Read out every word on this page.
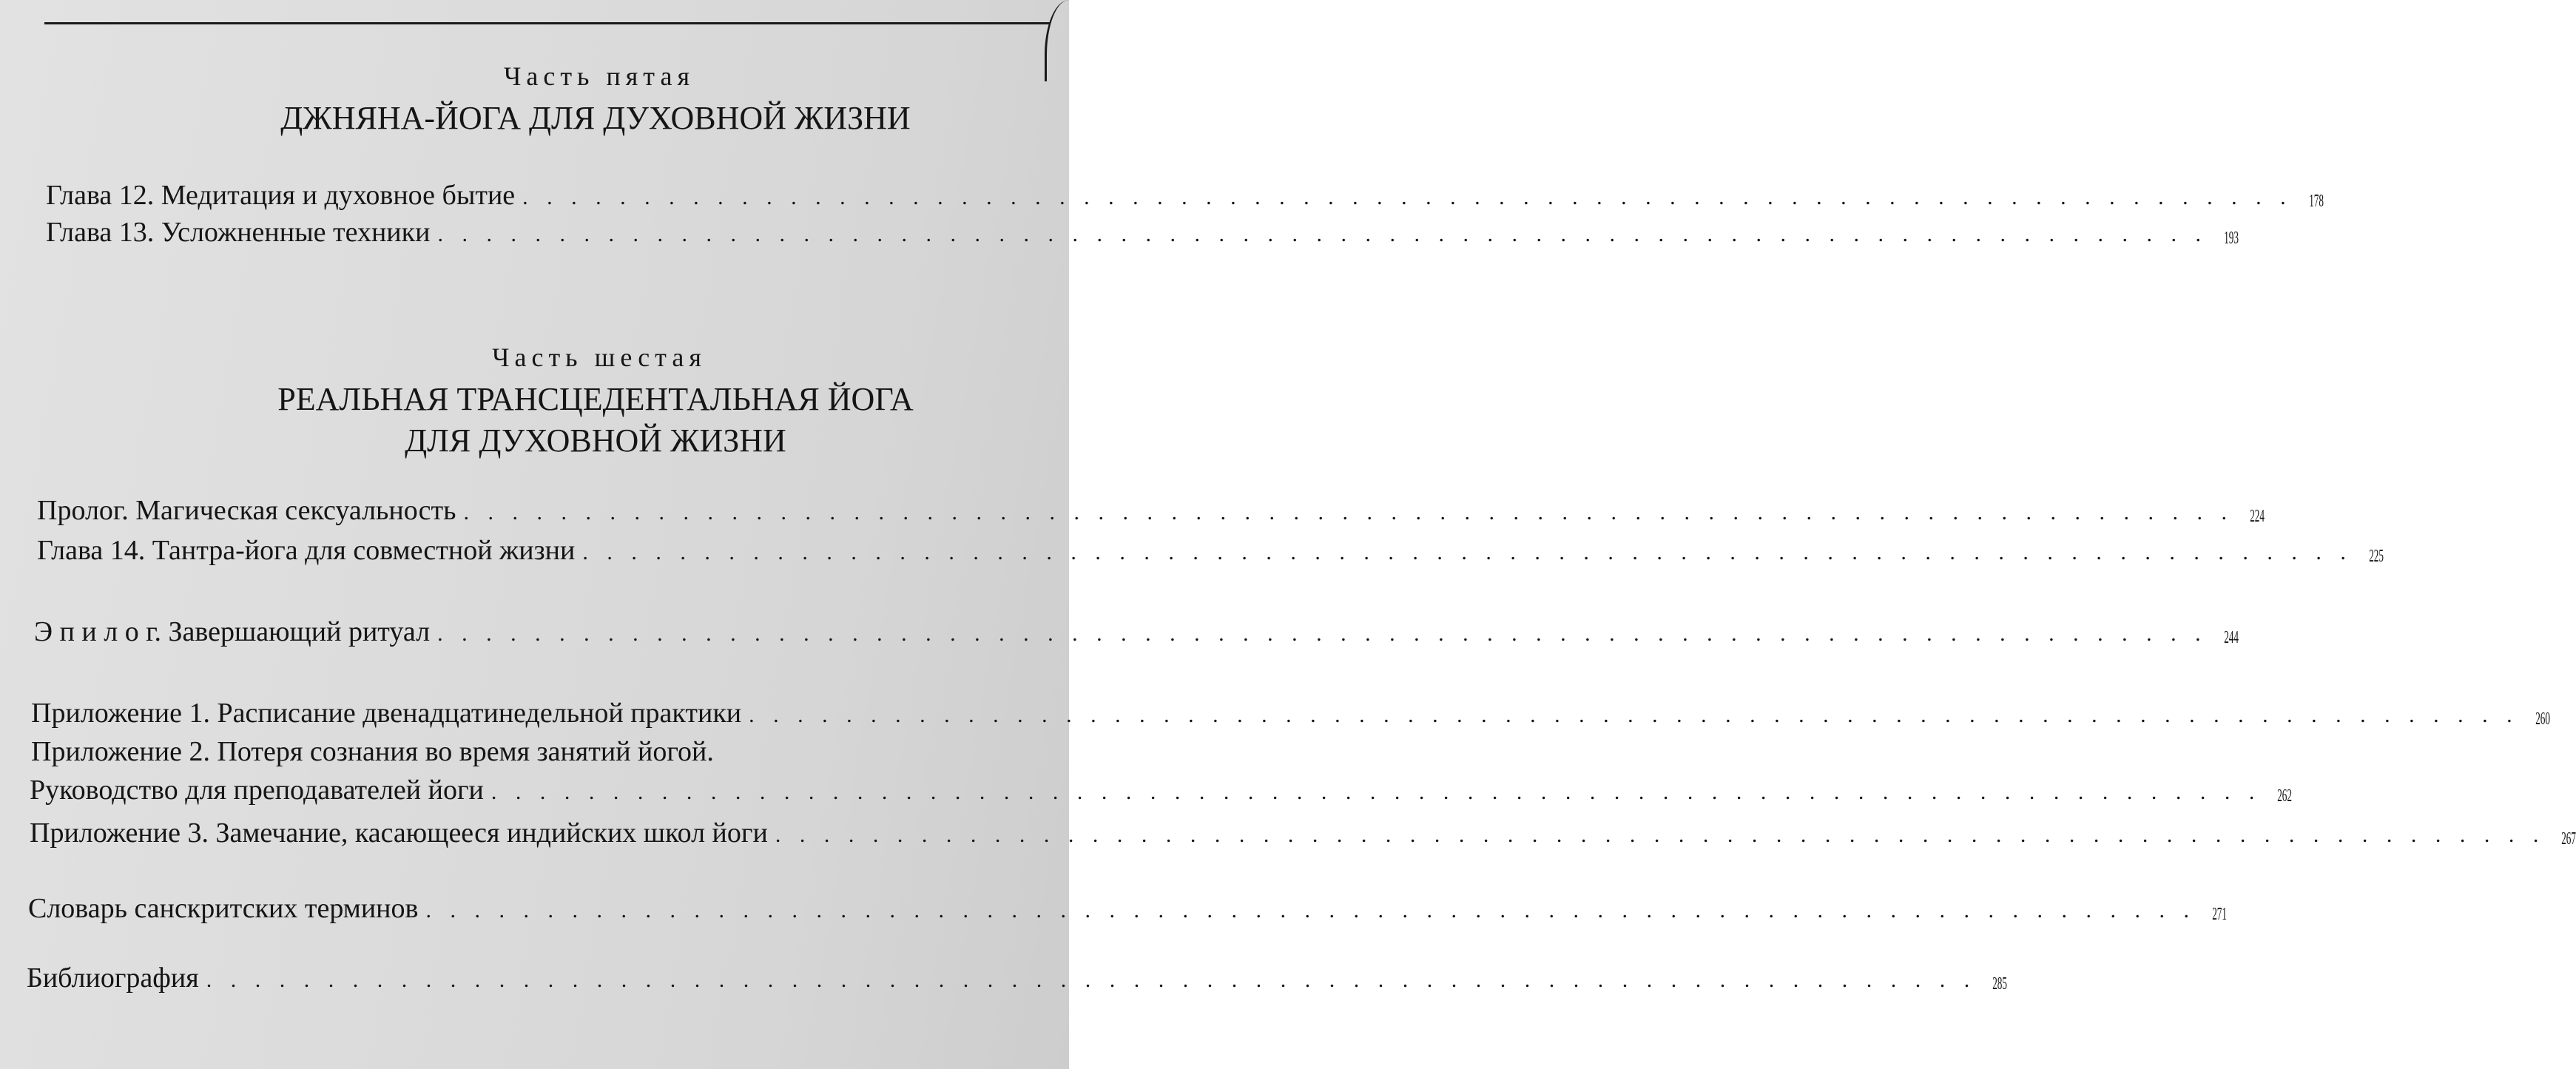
Часть пятая
ДЖНЯНА-ЙОГА ДЛЯ ДУХОВНОЙ ЖИЗНИ
Глава 12. Медитация и духовное бытие . . . . . . . . . . . . . . . . . . . . . . . . . . . . . . . . . . . . . . . . . . . . . . . . . . . . . . . . . . . . . . . . . . . . . . . . . 178
Глава 13. Усложненные техники . . . . . . . . . . . . . . . . . . . . . . . . . . . . . . . . . . . . . . . . . . . . . . . . . . . . . . . . . . . . . . . . . . . . . . . . . 193
Часть шестая
РЕАЛЬНАЯ ТРАНСЦЕДЕНТАЛЬНАЯ ЙОГА
ДЛЯ ДУХОВНОЙ ЖИЗНИ
Пролог. Магическая сексуальность . . . . . . . . . . . . . . . . . . . . . . . . . . . . . . . . . . . . . . . . . . . . . . . . . . . . . . . . . . . . . . . . . . . . . . . . . 224
Глава 14. Тантра-йога для совместной жизни . . . . . . . . . . . . . . . . . . . . . . . . . . . . . . . . . . . . . . . . . . . . . . . . . . . . . . . . . . . . . . . . . . . . . . . . . 225
Э п и л о г. Завершающий ритуал . . . . . . . . . . . . . . . . . . . . . . . . . . . . . . . . . . . . . . . . . . . . . . . . . . . . . . . . . . . . . . . . . . . . . . . . . 244
Приложение 1. Расписание двенадцатинедельной практики . . . . . . . . . . . . . . . . . . . . . . . . . . . . . . . . . . . . . . . . . . . . . . . . . . . . . . . . . . . . . . . . . . . . . . . . . 260
Приложение 2. Потеря сознания во время занятий йогой.
Руководство для преподавателей йоги . . . . . . . . . . . . . . . . . . . . . . . . . . . . . . . . . . . . . . . . . . . . . . . . . . . . . . . . . . . . . . . . . . . . . . . . . 262
Приложение 3. Замечание, касающееся индийских школ йоги . . . . . . . . . . . . . . . . . . . . . . . . . . . . . . . . . . . . . . . . . . . . . . . . . . . . . . . . . . . . . . . . . . . . . . . . . 267
Словарь санскритских терминов . . . . . . . . . . . . . . . . . . . . . . . . . . . . . . . . . . . . . . . . . . . . . . . . . . . . . . . . . . . . . . . . . . . . . . . . . 271
Библиография . . . . . . . . . . . . . . . . . . . . . . . . . . . . . . . . . . . . . . . . . . . . . . . . . . . . . . . . . . . . . . . . . . . . . . . . . 285
